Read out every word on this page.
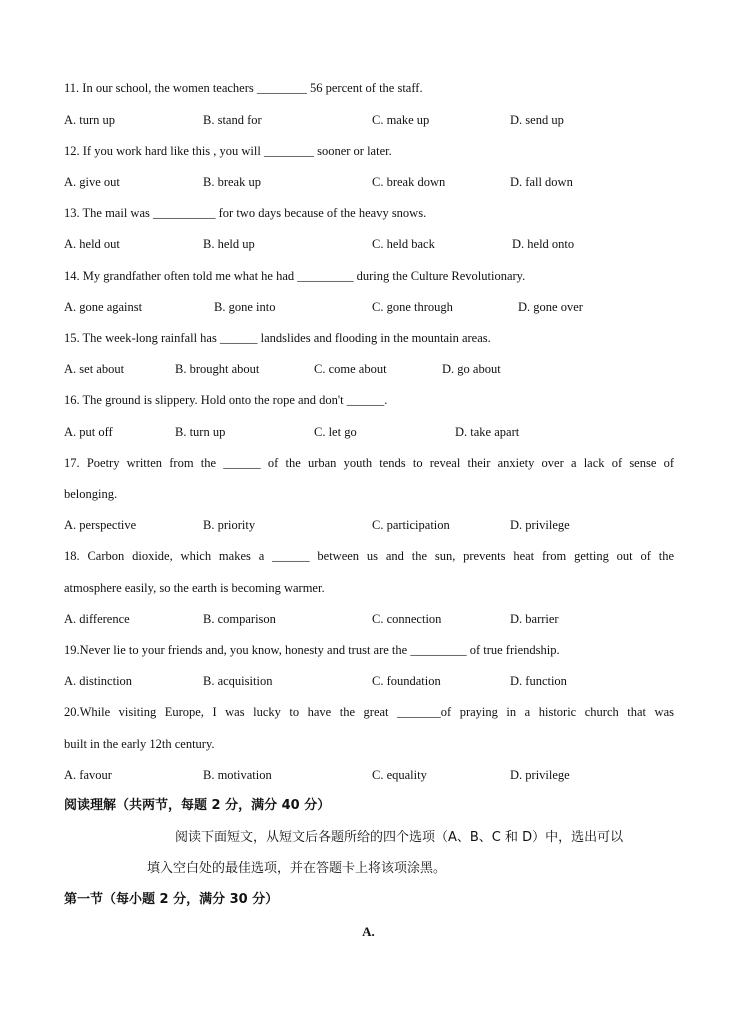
11. In our school, the women teachers ________ 56 percent of the staff.
A. turn up	B. stand for	C. make up	D. send up
12. If you work hard like this , you will ________ sooner or later.
A. give out	B. break up	C. break down	D. fall down
13. The mail was __________ for two days because of the heavy snows.
A. held out	B. held up	C. held back	D. held onto
14. My grandfather often told me what he had _________ during the Culture Revolutionary.
A. gone against	B. gone into	C. gone through	D. gone over
15. The week-long rainfall has ______ landslides and flooding in the mountain areas.
A. set about	B. brought about	C. come about	D. go about
16. The ground is slippery. Hold onto the rope and don't ______.
A. put off	B. turn up	C. let go	D. take apart
17. Poetry written from the ______ of the urban youth tends to reveal their anxiety over a lack of sense of
belonging.
A. perspective	B. priority	C. participation	D. privilege
18. Carbon dioxide, which makes a ______ between us and the sun, prevents heat from getting out of the
atmosphere easily, so the earth is becoming warmer.
A. difference	B. comparison	C. connection	D. barrier
19.Never lie to your friends and, you know, honesty and trust are the _________ of true friendship.
A. distinction	B. acquisition	C. foundation	D. function
20.While visiting Europe, I was lucky to have the great _______of praying in a historic church that was
built in the early 12th century.
A. favour	B. motivation	C. equality	D. privilege
阅读理解（共两节，每题 2 分，满分 40 分）
阅读下面短文，从短文后各题所给的四个选项（A、B、C 和 D）中，选出可以
填入空白处的最佳选项，并在答题卡上将该项涂黑。
第一节（每小题 2 分，满分 30 分）
A.
